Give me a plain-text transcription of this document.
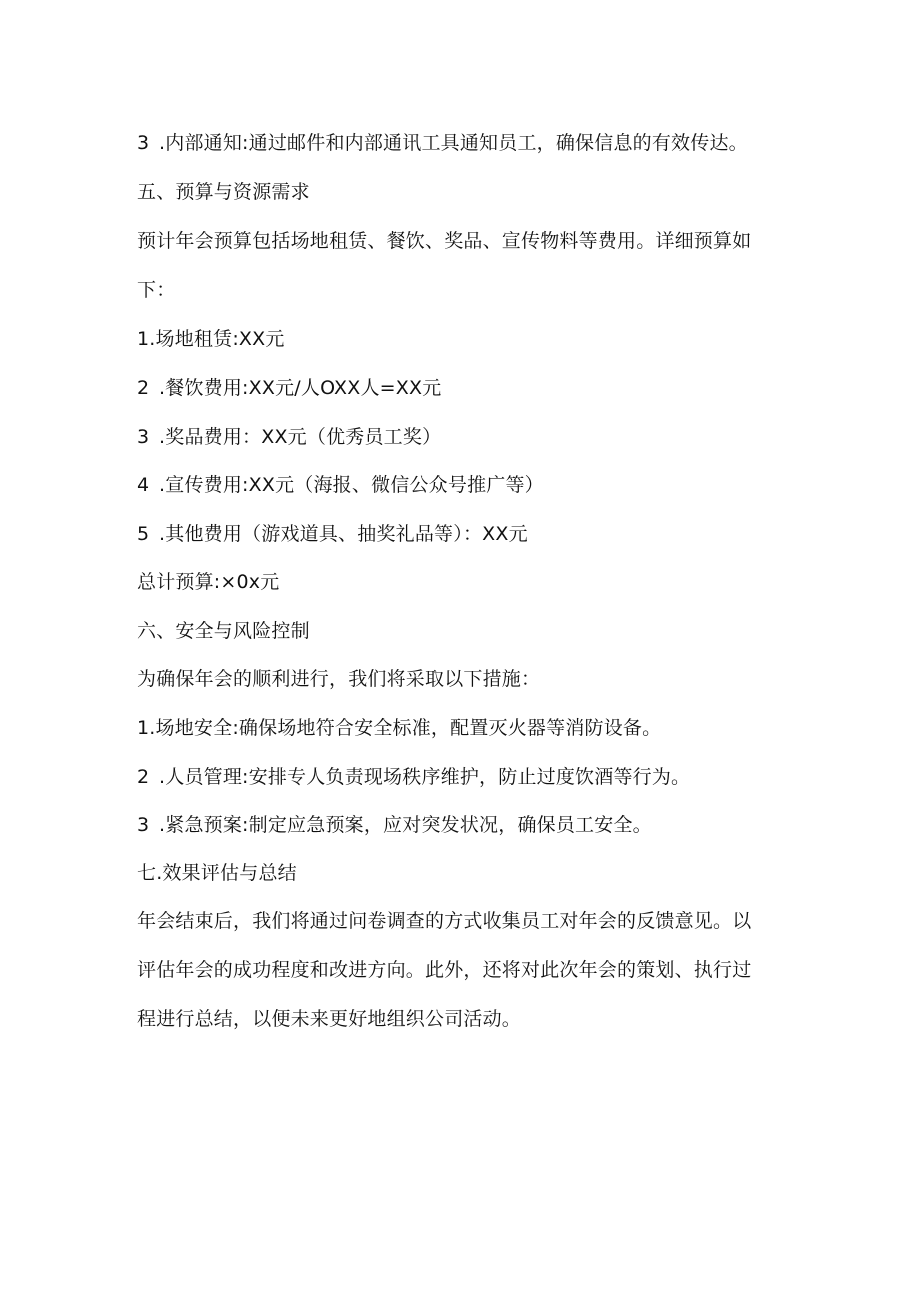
3 .内部通知:通过邮件和内部通讯工具通知员工，确保信息的有效传达。
五、预算与资源需求
预计年会预算包括场地租赁、餐饮、奖品、宣传物料等费用。详细预算如
下：
1.场地租赁:XX元
2 .餐饮费用:XX元/人OXX人=XX元
3 .奖品费用：XX元（优秀员工奖）
4 .宣传费用:XX元（海报、微信公众号推广等）
5 .其他费用（游戏道具、抽奖礼品等）：XX元
总计预算:×0x元
六、安全与风险控制
为确保年会的顺利进行，我们将采取以下措施：
1.场地安全:确保场地符合安全标准，配置灭火器等消防设备。
2 .人员管理:安排专人负责现场秩序维护，防止过度饮酒等行为。
3 .紧急预案:制定应急预案，应对突发状况，确保员工安全。
七.效果评估与总结
年会结束后，我们将通过问卷调查的方式收集员工对年会的反馈意见。以
评估年会的成功程度和改进方向。此外，还将对此次年会的策划、执行过
程进行总结，以便未来更好地组织公司活动。
